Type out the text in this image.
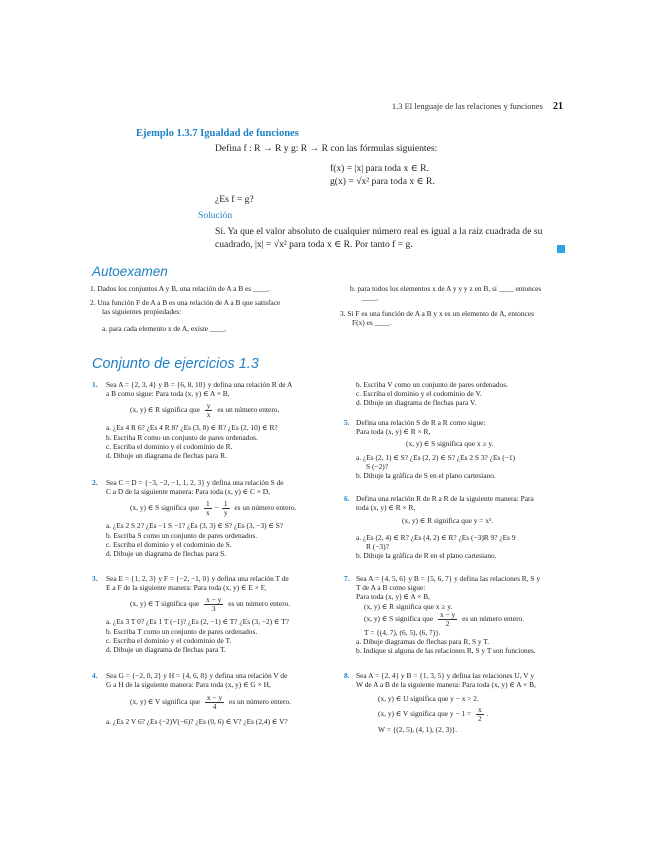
1.3 El lenguaje de las relaciones y funciones 21
Ejemplo 1.3.7 Igualdad de funciones
Defina f : R → R y g: R → R con las fórmulas siguientes:
f(x) = |x| para toda x ∈ R.
g(x) = √x² para toda x ∈ R.
¿Es f = g?
Solución
Sí. Ya que el valor absoluto de cualquier número real es igual a la raíz cuadrada de su
cuadrado, |x| = √x² para toda x ∈ R. Por tanto f = g.
Autoexamen
1. Dados los conjuntos A y B, una relación de A a B es ____.
2. Una función F de A a B es una relación de A a B que satisface
las siguientes propiedades:
a. para cada elemento x de A, existe ____.
b. para todos los elementos x de A y y y z en B, si ____ entonces
____.
3. Si F es una función de A a B y x es un elemento de A, entonces
F(x) es ____.
Conjunto de ejercicios 1.3
1. Sea A = {2, 3, 4} y B = {6, 8, 10} y defina una relación R de A
a B como sigue: Para toda (x, y) ∈ A × B,
(x, y) ∈ R significa que $\frac{y}{x}$ es un número entero.
a. ¿Es 4 R 6? ¿Es 4 R 8? ¿Es (3, 8) ∈ R? ¿Es (2, 10) ∈ R?
b. Escriba R como un conjunto de pares ordenados.
c. Escriba el dominio y el codominio de R.
d. Dibuje un diagrama de flechas para R.
2. Sea C = D = {−3, −2, −1, 1, 2, 3} y defina una relación S de
C a D de la siguiente manera: Para toda (x, y) ∈ C × D,
(x, y) ∈ S significa que $\frac{1}{x} - \frac{1}{y}$ es un número entero.
a. ¿Es 2 S 2? ¿Es −1 S −1? ¿Es (3, 3) ∈ S? ¿Es (3, −3) ∈ S?
b. Escriba S como un conjunto de pares ordenados.
c. Escriba el dominio y el codominio de S.
d. Dibuje un diagrama de flechas para S.
3. Sea E = {1, 2, 3} y F = {−2, −1, 0} y defina una relación T de
E a F de la siguiente manera: Para toda (x, y) ∈ E × F,
(x, y) ∈ T significa que $\frac{x - y}{3}$ es un número entero.
a. ¿Es 3 T 0? ¿Es 1 T (−1)? ¿Es (2, −1) ∈ T? ¿Es (3, −2) ∈ T?
b. Escriba T como un conjunto de pares ordenados.
c. Escriba el dominio y el codominio de T.
d. Dibuje un diagrama de flechas para T.
4. Sea G = {−2, 0, 2} y H = {4, 6, 8} y defina una relación V de
G a H de la siguiente manera: Para toda (x, y) ∈ G × H,
(x, y) ∈ V significa que $\frac{x - y}{4}$ es un número entero.
a. ¿Es 2 V 6? ¿Es (−2)V(−6)? ¿Es (0, 6) ∈ V? ¿Es (2,4) ∈ V?
b. Escriba V como un conjunto de pares ordenados.
c. Escriba el dominio y el codominio de V.
d. Dibuje un diagrama de flechas para V.
5. Defina una relación S de R a R como sigue:
Para toda (x, y) ∈ R × R,
(x, y) ∈ S significa que x ≥ y.
a. ¿Es (2, 1) ∈ S? ¿Es (2, 2) ∈ S? ¿Es 2 S 3? ¿Es (−1)
S (−2)?
b. Dibuje la gráfica de S en el plano cartesiano.
6. Defina una relación R de R a R de la siguiente manera: Para
toda (x, y) ∈ R × R,
(x, y) ∈ R significa que y = x².
a. ¿Es (2, 4) ∈ R? ¿Es (4, 2) ∈ R? ¿Es (−3)R 9? ¿Es 9
R (−3)?
b. Dibuje la gráfica de R en el plano cartesiano.
7. Sea A = {4, 5, 6} y B = {5, 6, 7} y defina las relaciones R, S y
T de A a B como sigue:
Para toda (x, y) ∈ A × B,
(x, y) ∈ R significa que x ≥ y.
(x, y) ∈ S significa que $\frac{x - y}{2}$ es un número entero.
T = {(4, 7), (6, 5), (6, 7)}.
a. Dibuje diagramas de flechas para R, S y T.
b. Indique si alguna de las relaciones R, S y T son funciones.
8. Sea A = {2, 4} y B = {1, 3, 5} y defina las relaciones U, V y
W de A a B de la siguiente manera: Para toda (x, y) ∈ A × B,
(x, y) ∈ U significa que y − x > 2.
(x, y) ∈ V significa que $y - 1 = \frac{x}{2}$ .
W = {(2, 5), (4, 1), (2, 3)}.
